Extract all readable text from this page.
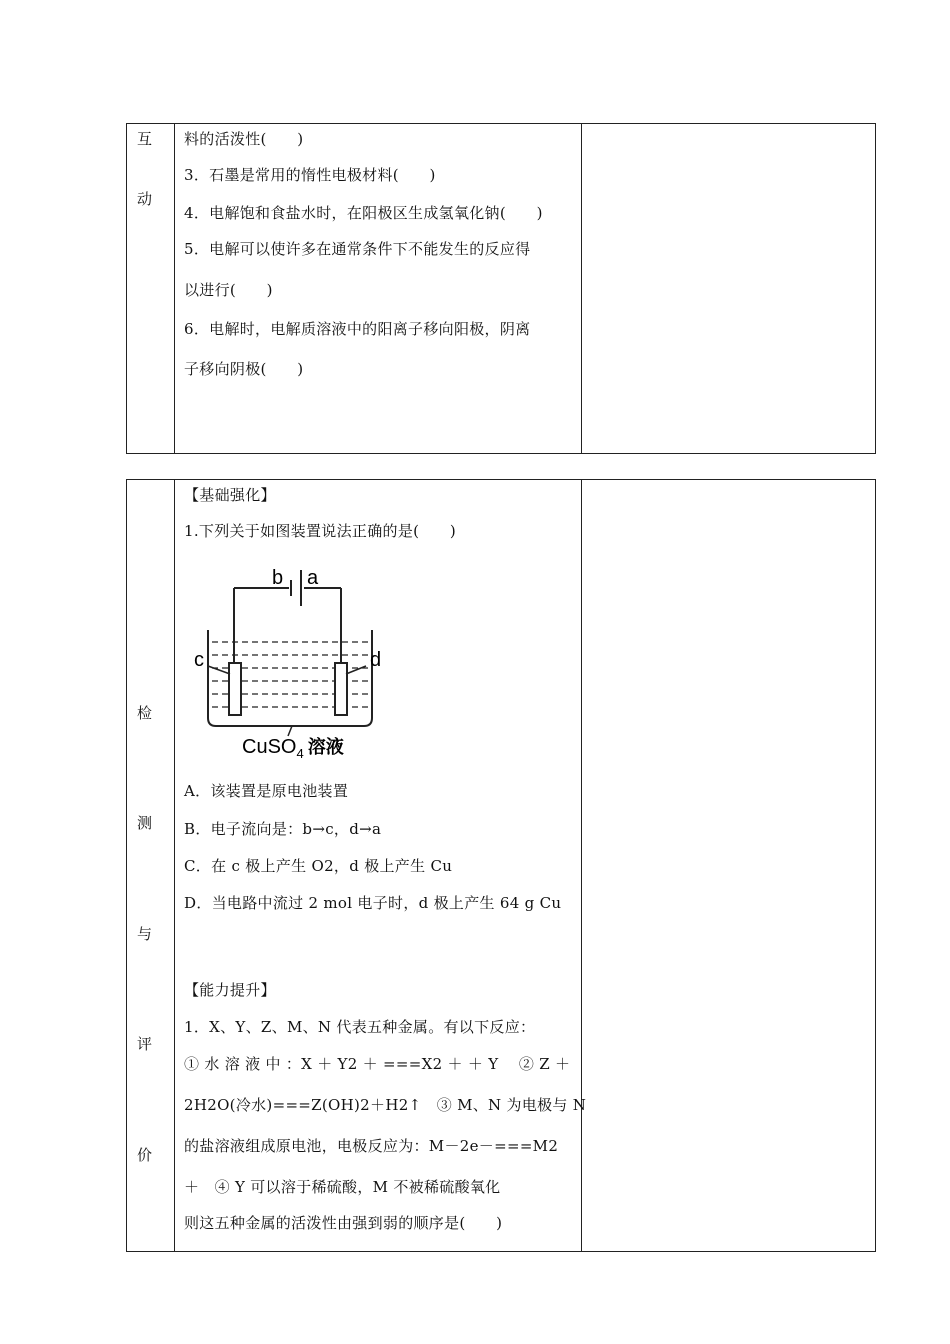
互
动
料的活泼性(　　)
3．石墨是常用的惰性电极材料(　　)
4．电解饱和食盐水时，在阳极区生成氢氧化钠(　　)
5．电解可以使许多在通常条件下不能发生的反应得
以进行(　　)
6．电解时，电解质溶液中的阳离子移向阳极，阴离
子移向阴极(　　)
检
测
与
评
价
【基础强化】
1.下列关于如图装置说法正确的是(　　)
b a
c	d
CuSO$_4$ 溶液
A．该装置是原电池装置
B．电子流向是：b→c，d→a
C．在 c 极上产生 O2，d 极上产生 Cu
D．当电路中流过 2 mol 电子时，d 极上产生 64 g Cu
【能力提升】
1．X、Y、Z、M、N 代表五种金属。有以下反应：
① 水 溶 液 中 ：X ＋ Y2 ＋ ===X2 ＋ ＋ Y　 ② Z ＋
2H2O(冷水)===Z(OH)2＋H2↑　③ M、N 为电极与 N
的盐溶液组成原电池，电极反应为：M－2e－===M2
＋　④ Y 可以溶于稀硫酸，M 不被稀硫酸氧化
则这五种金属的活泼性由强到弱的顺序是(　　)
